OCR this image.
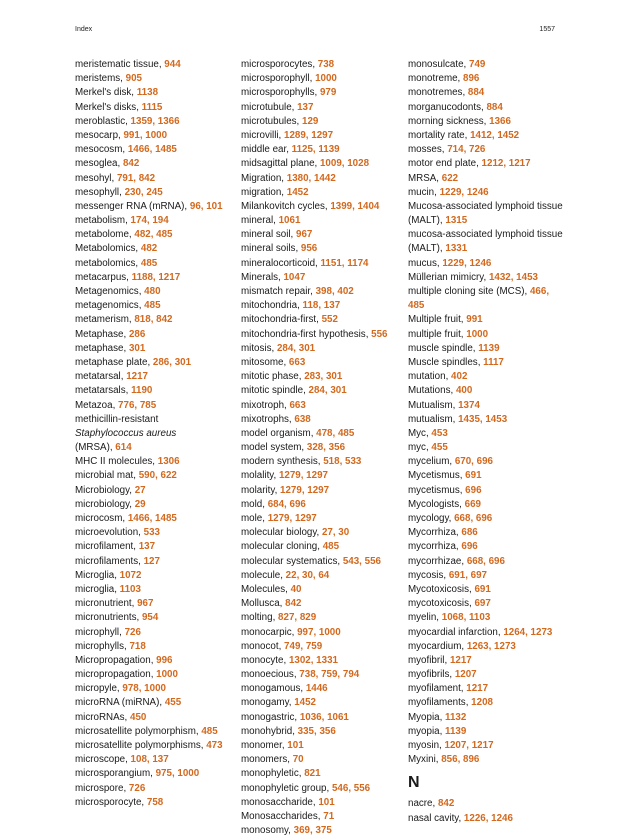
Index	1557
meristematic tissue, 944
meristems, 905
Merkel's disk, 1138
Merkel's disks, 1115
meroblastic, 1359, 1366
mesocarp, 991, 1000
mesocosm, 1466, 1485
mesoglea, 842
mesohyl, 791, 842
mesophyll, 230, 245
messenger RNA (mRNA), 96, 101
metabolism, 174, 194
metabolome, 482, 485
Metabolomics, 482
metabolomics, 485
metacarpus, 1188, 1217
Metagenomics, 480
metagenomics, 485
metamerism, 818, 842
Metaphase, 286
metaphase, 301
metaphase plate, 286, 301
metatarsal, 1217
metatarsals, 1190
Metazoa, 776, 785
methicillin-resistant
Staphylococcus aureus
(MRSA), 614
MHC II molecules, 1306
microbial mat, 590, 622
Microbiology, 27
microbiology, 29
microcosm, 1466, 1485
microevolution, 533
microfilament, 137
microfilaments, 127
Microglia, 1072
microglia, 1103
micronutrient, 967
micronutrients, 954
microphyll, 726
microphylls, 718
Micropropagation, 996
micropropagation, 1000
micropyle, 978, 1000
microRNA (miRNA), 455
microRNAs, 450
microsatellite polymorphism, 485
microsatellite polymorphisms, 473
microscope, 108, 137
microsporangium, 975, 1000
microspore, 726
microsporocyte, 758
microsporocytes, 738
microsporophyll, 1000
microsporophylls, 979
microtubule, 137
microtubules, 129
microvilli, 1289, 1297
middle ear, 1125, 1139
midsagittal plane, 1009, 1028
Migration, 1380, 1442
migration, 1452
Milankovitch cycles, 1399, 1404
mineral, 1061
mineral soil, 967
mineral soils, 956
mineralocorticoid, 1151, 1174
Minerals, 1047
mismatch repair, 398, 402
mitochondria, 118, 137
mitochondria-first, 552
mitochondria-first hypothesis, 556
mitosis, 284, 301
mitosome, 663
mitotic phase, 283, 301
mitotic spindle, 284, 301
mixotroph, 663
mixotrophs, 638
model organism, 478, 485
model system, 328, 356
modern synthesis, 518, 533
molality, 1279, 1297
molarity, 1279, 1297
mold, 684, 696
mole, 1279, 1297
molecular biology, 27, 30
molecular cloning, 485
molecular systematics, 543, 556
molecule, 22, 30, 64
Molecules, 40
Mollusca, 842
molting, 827, 829
monocarpic, 997, 1000
monocot, 749, 759
monocyte, 1302, 1331
monoecious, 738, 759, 794
monogamous, 1446
monogamy, 1452
monogastric, 1036, 1061
monohybrid, 335, 356
monomer, 101
monomers, 70
monophyletic, 821
monophyletic group, 546, 556
monosaccharide, 101
Monosaccharides, 71
monosomy, 369, 375
monosulcate, 749
monotreme, 896
monotremes, 884
morganucodonts, 884
morning sickness, 1366
mortality rate, 1412, 1452
mosses, 714, 726
motor end plate, 1212, 1217
MRSA, 622
mucin, 1229, 1246
Mucosa-associated lymphoid tissue (MALT), 1315
mucosa-associated lymphoid tissue (MALT), 1331
mucus, 1229, 1246
Müllerian mimicry, 1432, 1453
multiple cloning site (MCS), 466, 485
Multiple fruit, 991
multiple fruit, 1000
muscle spindle, 1139
Muscle spindles, 1117
mutation, 402
Mutations, 400
Mutualism, 1374
mutualism, 1435, 1453
Myc, 453
myc, 455
mycelium, 670, 696
Mycetismus, 691
mycetismus, 696
Mycologists, 669
mycology, 668, 696
Mycorrhiza, 686
mycorrhiza, 696
mycorrhizae, 668, 696
mycosis, 691, 697
Mycotoxicosis, 691
mycotoxicosis, 697
myelin, 1068, 1103
myocardial infarction, 1264, 1273
myocardium, 1263, 1273
myofibril, 1217
myofibrils, 1207
myofilament, 1217
myofilaments, 1208
Myopia, 1132
myopia, 1139
myosin, 1207, 1217
Myxini, 856, 896
N
nacre, 842
nasal cavity, 1226, 1246
